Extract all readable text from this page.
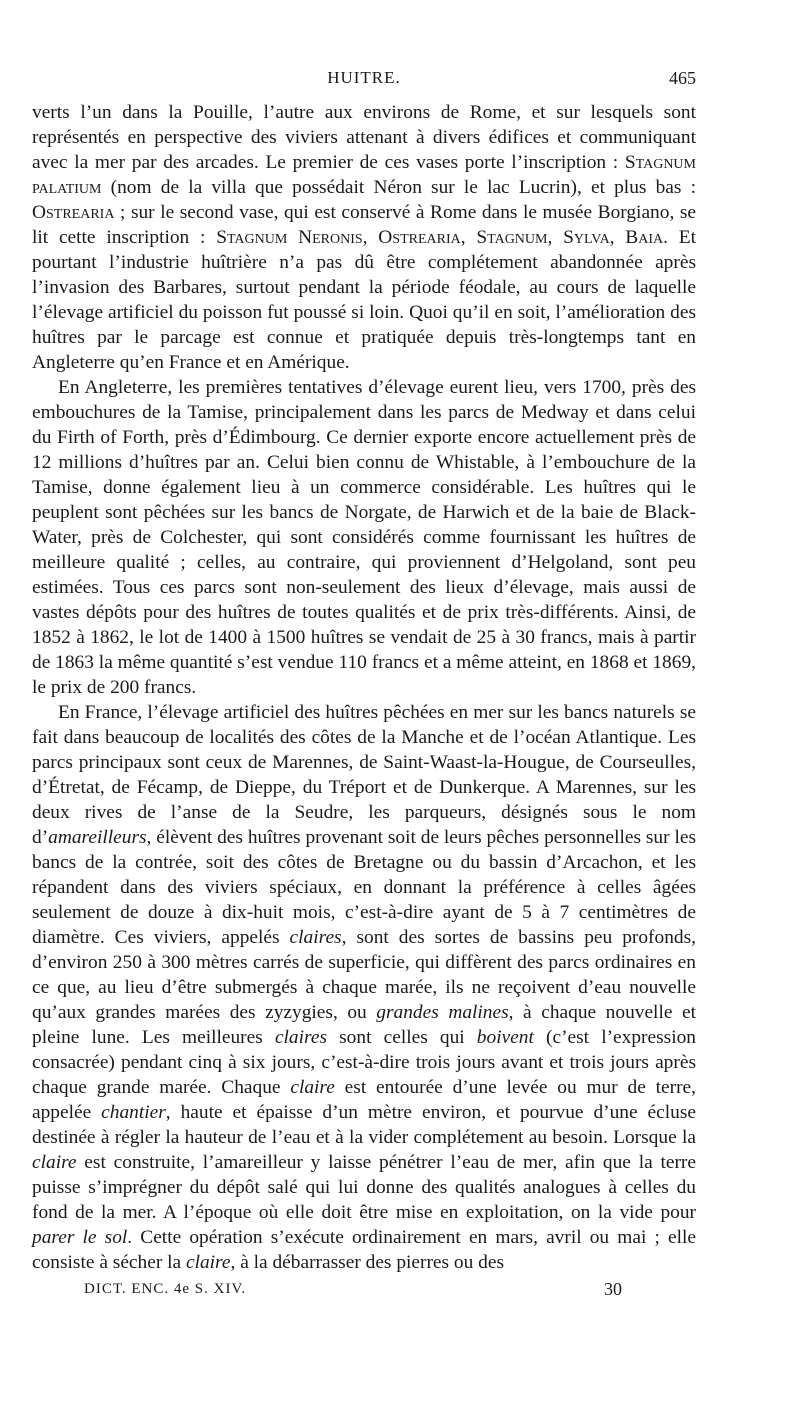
HUITRE.	465

verts l’un dans la Pouille, l’autre aux environs de Rome, et sur lesquels sont représentés en perspective des viviers attenant à divers édifices et communiquant avec la mer par des arcades. Le premier de ces vases porte l’inscription : Stagnum palatium (nom de la villa que possédait Néron sur le lac Lucrin), et plus bas : Ostrearia ; sur le second vase, qui est conservé à Rome dans le musée Borgiano, se lit cette inscription : Stagnum Neronis, Ostrearia, Stagnum, Sylva, Baia. Et pourtant l’industrie huîtrière n’a pas dû être complétement abandonnée après l’invasion des Barbares, surtout pendant la période féodale, au cours de laquelle l’élevage artificiel du poisson fut poussé si loin. Quoi qu’il en soit, l’amélioration des huîtres par le parcage est connue et pratiquée depuis très-longtemps tant en Angleterre qu’en France et en Amérique.

En Angleterre, les premières tentatives d’élevage eurent lieu, vers 1700, près des embouchures de la Tamise, principalement dans les parcs de Medway et dans celui du Firth of Forth, près d’Édimbourg. Ce dernier exporte encore actuellement près de 12 millions d’huîtres par an. Celui bien connu de Whistable, à l’embouchure de la Tamise, donne également lieu à un commerce considérable. Les huîtres qui le peuplent sont pêchées sur les bancs de Norgate, de Harwich et de la baie de Black-Water, près de Colchester, qui sont considérés comme fournissant les huîtres de meilleure qualité ; celles, au contraire, qui proviennent d’Helgoland, sont peu estimées. Tous ces parcs sont non-seulement des lieux d’élevage, mais aussi de vastes dépôts pour des huîtres de toutes qualités et de prix très-différents. Ainsi, de 1852 à 1862, le lot de 1400 à 1500 huîtres se vendait de 25 à 30 francs, mais à partir de 1863 la même quantité s’est vendue 110 francs et a même atteint, en 1868 et 1869, le prix de 200 francs.

En France, l’élevage artificiel des huîtres pêchées en mer sur les bancs naturels se fait dans beaucoup de localités des côtes de la Manche et de l’océan Atlantique. Les parcs principaux sont ceux de Marennes, de Saint-Waast-la-Hougue, de Courseulles, d’Étretat, de Fécamp, de Dieppe, du Tréport et de Dunkerque. A Marennes, sur les deux rives de l’anse de la Seudre, les parqueurs, désignés sous le nom d’amareilleurs, élèvent des huîtres provenant soit de leurs pêches personnelles sur les bancs de la contrée, soit des côtes de Bretagne ou du bassin d’Arcachon, et les répandent dans des viviers spéciaux, en donnant la préférence à celles âgées seulement de douze à dix-huit mois, c’est-à-dire ayant de 5 à 7 centimètres de diamètre. Ces viviers, appelés claires, sont des sortes de bassins peu profonds, d’environ 250 à 300 mètres carrés de superficie, qui diffèrent des parcs ordinaires en ce que, au lieu d’être submergés à chaque marée, ils ne reçoivent d’eau nouvelle qu’aux grandes marées des zyzygies, ou grandes malines, à chaque nouvelle et pleine lune. Les meilleures claires sont celles qui boivent (c’est l’expression consacrée) pendant cinq à six jours, c’est-à-dire trois jours avant et trois jours après chaque grande marée. Chaque claire est entourée d’une levée ou mur de terre, appelée chantier, haute et épaisse d’un mètre environ, et pourvue d’une écluse destinée à régler la hauteur de l’eau et à la vider complétement au besoin. Lorsque la claire est construite, l’amareilleur y laisse pénétrer l’eau de mer, afin que la terre puisse s’imprégner du dépôt salé qui lui donne des qualités analogues à celles du fond de la mer. A l’époque où elle doit être mise en exploitation, on la vide pour parer le sol. Cette opération s’exécute ordinairement en mars, avril ou mai ; elle consiste à sécher la claire, à la débarrasser des pierres ou des

DICT. ENC. 4e S. XIV.	30
